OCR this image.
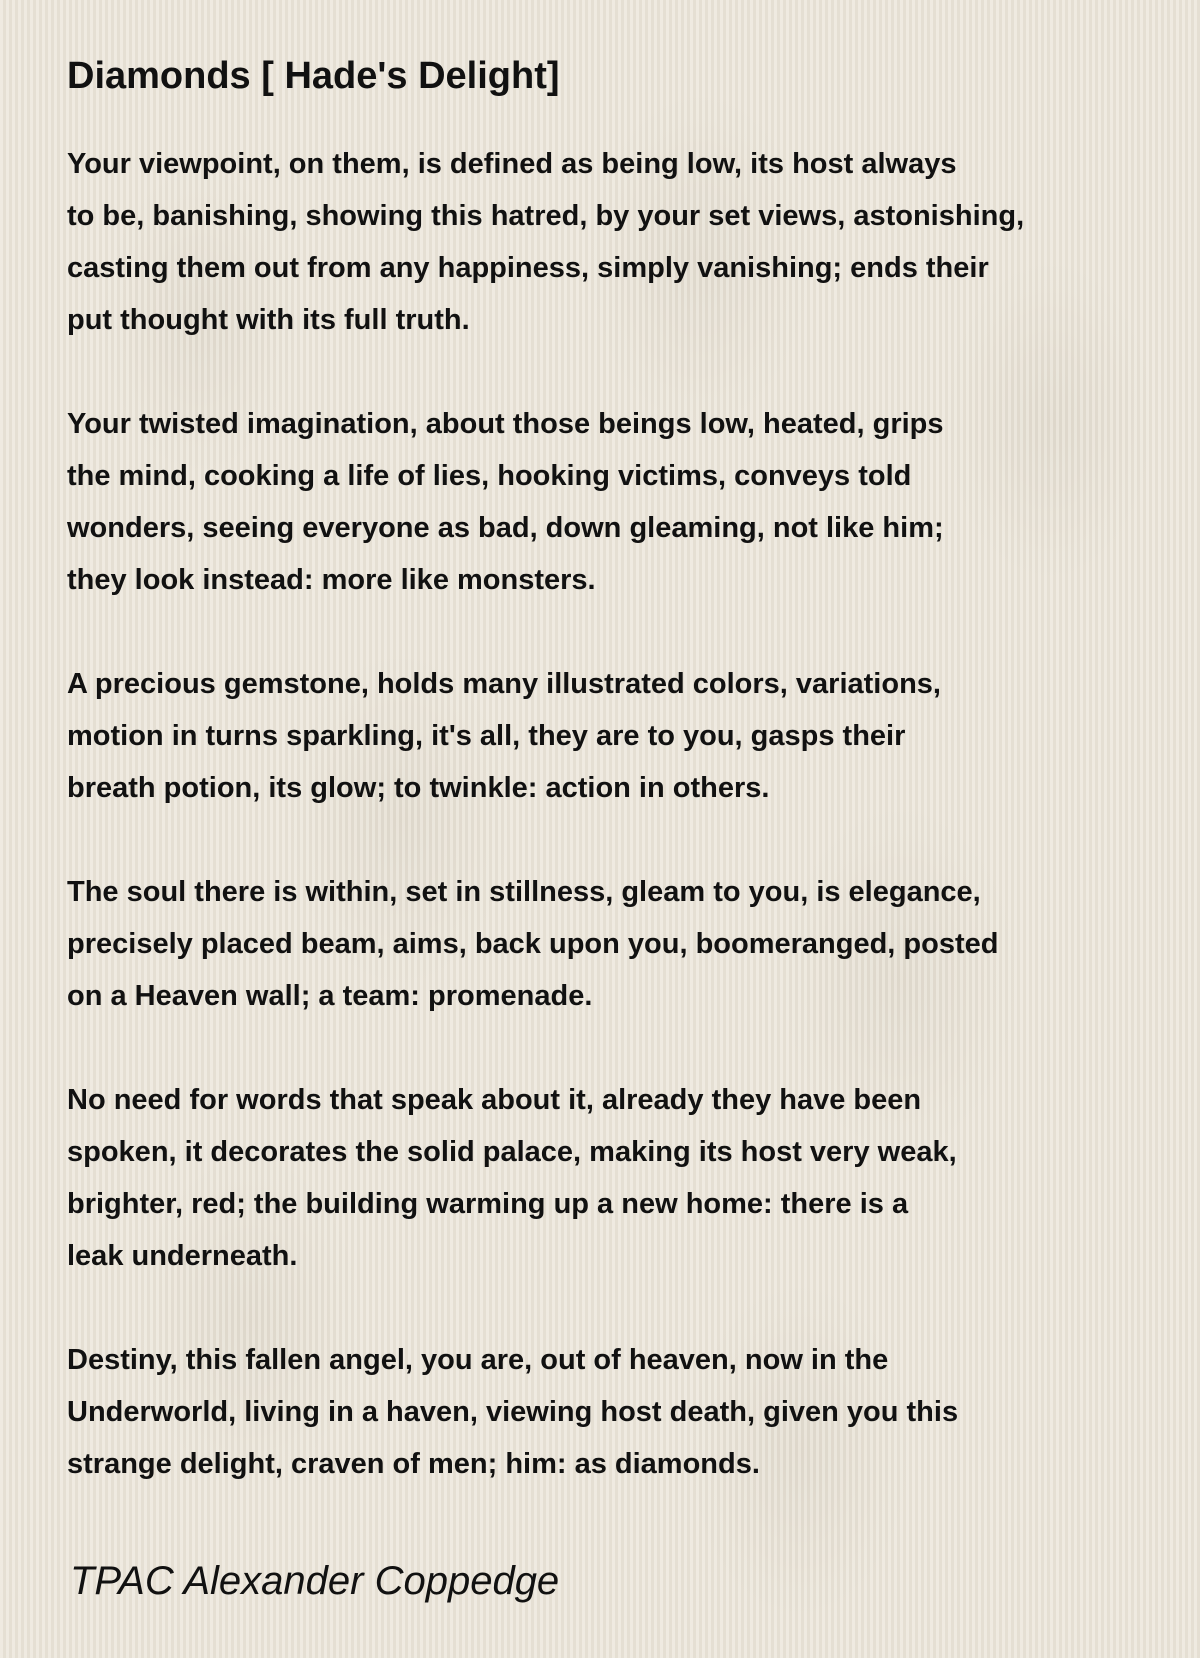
Diamonds [ Hade's Delight]
Your viewpoint, on them, is defined as being low, its host always
to be, banishing, showing this hatred, by your set views, astonishing,
casting them out from any happiness, simply vanishing; ends their
put thought with its full truth.
Your twisted imagination, about those beings low, heated, grips
the mind, cooking a life of lies, hooking victims, conveys told
wonders, seeing everyone as bad, down gleaming, not like him;
they look instead: more like monsters.
A precious gemstone, holds many illustrated colors, variations,
motion in turns sparkling, it's all, they are to you, gasps their
breath potion, its glow; to twinkle: action in others.
The soul there is within, set in stillness, gleam to you, is elegance,
precisely placed beam, aims, back upon you, boomeranged, posted
on a Heaven wall; a team: promenade.
No need for words that speak about it, already they have been
spoken, it decorates the solid palace, making its host very weak,
brighter, red; the building warming up a new home: there is a
leak underneath.
Destiny, this fallen angel, you are, out of heaven, now in the
Underworld, living in a haven, viewing host death, given you this
strange delight, craven of men; him: as diamonds.
TPAC Alexander Coppedge
